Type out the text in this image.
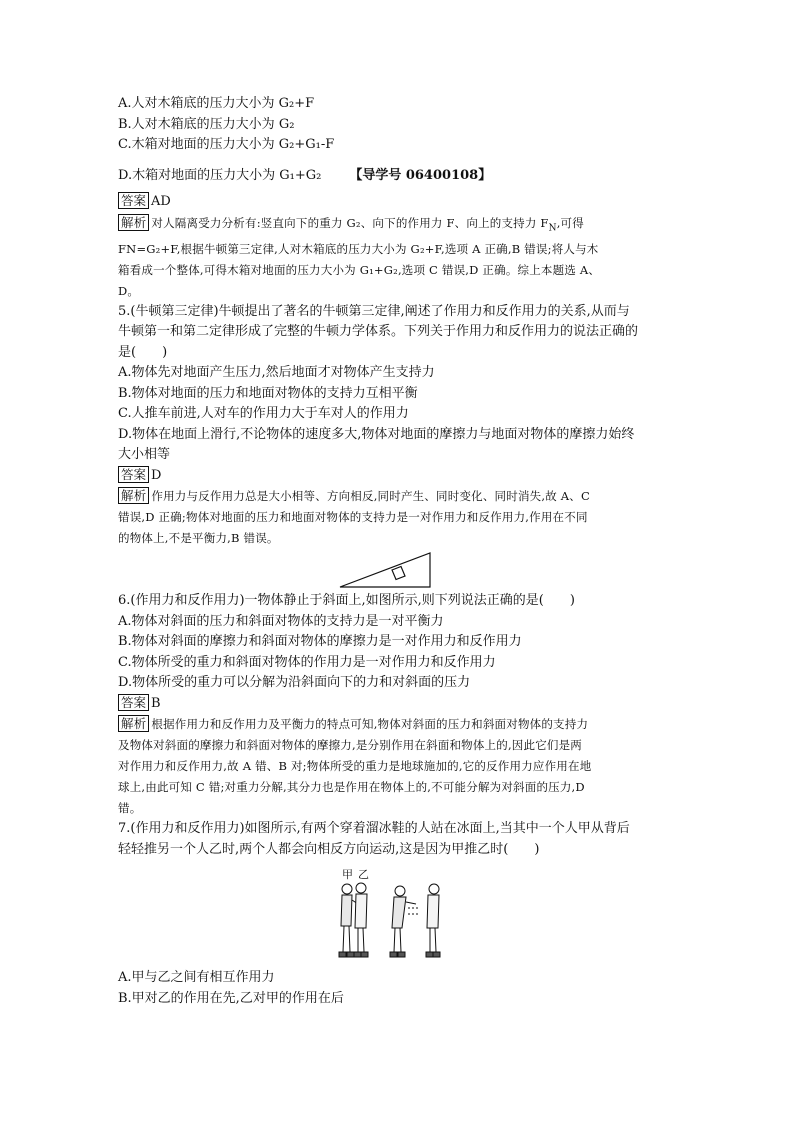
A.人对木箱底的压力大小为 G₂+F
B.人对木箱底的压力大小为 G₂
C.木箱对地面的压力大小为 G₂+G₁-F
D.木箱对地面的压力大小为 G₁+G₂ 【导学号 06400108】
答案 AD
解析 对人隔离受力分析有:竖直向下的重力 G₂、向下的作用力 F、向上的支持力 $F_N$,可得
FN=G₂+F,根据牛顿第三定律,人对木箱底的压力大小为 G₂+F,选项 A 正确,B 错误;将人与木
箱看成一个整体,可得木箱对地面的压力大小为 G₁+G₂,选项 C 错误,D 正确。综上本题选 A、
D。
5.(牛顿第三定律)牛顿提出了著名的牛顿第三定律,阐述了作用力和反作用力的关系,从而与
牛顿第一和第二定律形成了完整的牛顿力学体系。下列关于作用力和反作用力的说法正确的
是(　　)
A.物体先对地面产生压力,然后地面才对物体产生支持力
B.物体对地面的压力和地面对物体的支持力互相平衡
C.人推车前进,人对车的作用力大于车对人的作用力
D.物体在地面上滑行,不论物体的速度多大,物体对地面的摩擦力与地面对物体的摩擦力始终
大小相等
答案 D
解析 作用力与反作用力总是大小相等、方向相反,同时产生、同时变化、同时消失,故 A、C
错误,D 正确;物体对地面的压力和地面对物体的支持力是一对作用力和反作用力,作用在不同
的物体上,不是平衡力,B 错误。
6.(作用力和反作用力)一物体静止于斜面上,如图所示,则下列说法正确的是(　　)
A.物体对斜面的压力和斜面对物体的支持力是一对平衡力
B.物体对斜面的摩擦力和斜面对物体的摩擦力是一对作用力和反作用力
C.物体所受的重力和斜面对物体的作用力是一对作用力和反作用力
D.物体所受的重力可以分解为沿斜面向下的力和对斜面的压力
答案 B
解析 根据作用力和反作用力及平衡力的特点可知,物体对斜面的压力和斜面对物体的支持力
及物体对斜面的摩擦力和斜面对物体的摩擦力,是分别作用在斜面和物体上的,因此它们是两
对作用力和反作用力,故 A 错、B 对;物体所受的重力是地球施加的,它的反作用力应作用在地
球上,由此可知 C 错;对重力分解,其分力也是作用在物体上的,不可能分解为对斜面的压力,D
错。
7.(作用力和反作用力)如图所示,有两个穿着溜冰鞋的人站在冰面上,当其中一个人甲从背后
轻轻推另一个人乙时,两个人都会向相反方向运动,这是因为甲推乙时(　　)
甲 乙
A.甲与乙之间有相互作用力
B.甲对乙的作用在先,乙对甲的作用在后
